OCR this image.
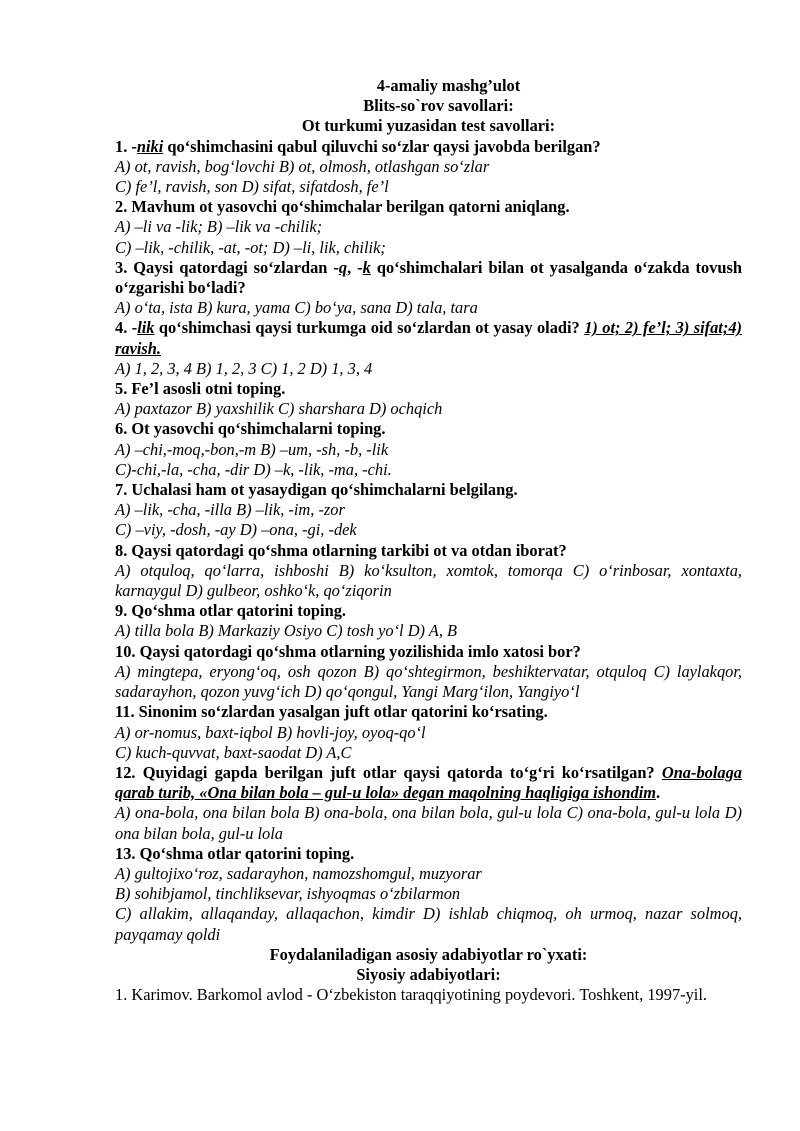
4-amaliy mashg’ulot

Blits-so`rov savollari:

Ot turkumi yuzasidan test savollari:

1. -niki qo‘shimchasini qabul qiluvchi so‘zlar qaysi javobda berilgan?

A) ot, ravish, bog‘lovchi B) ot, olmosh, otlashgan so‘zlar

C) fe’l, ravish, son D) sifat, sifatdosh, fe’l

2. Mavhum ot yasovchi qo‘shimchalar berilgan qatorni aniqlang.

A) –li va -lik; B) –lik va -chilik;

C) –lik, -chilik, -at, -ot; D) –li, lik, chilik;

3. Qaysi qatordagi so‘zlardan -q, -k qo‘shimchalari bilan ot yasalganda o‘zakda tovush o‘zgarishi bo‘ladi?

A) o‘ta, ista B) kura, yama C) bo‘ya, sana D) tala, tara

4. -lik qo‘shimchasi qaysi turkumga oid so‘zlardan ot yasay oladi? 1) ot; 2) fe’l; 3) sifat;4) ravish.

A) 1, 2, 3, 4 B) 1, 2, 3 C) 1, 2 D) 1, 3, 4

5. Fe’l asosli otni toping.

A) paxtazor B) yaxshilik C) sharshara D) ochqich

6. Ot yasovchi qo‘shimchalarni toping.

A) –chi,-moq,-bon,-m B) –um, -sh, -b, -lik

C)-chi,-la, -cha, -dir D) –k, -lik, -ma, -chi.

7. Uchalasi ham ot yasaydigan qo‘shimchalarni belgilang.

A) –lik, -cha, -illa B) –lik, -im, -zor

C) –viy, -dosh, -ay D) –ona, -gi, -dek

8. Qaysi qatordagi qo‘shma otlarning tarkibi ot va otdan iborat?

A) otquloq, qo‘larra, ishboshi B) ko‘ksulton, xomtok, tomorqa C) o‘rinbosar, xontaxta, karnaygul D) gulbeor, oshko‘k, qo‘ziqorin

9. Qo‘shma otlar qatorini toping.

A) tilla bola B) Markaziy Osiyo C) tosh yo‘l D) A, B

10. Qaysi qatordagi qo‘shma otlarning yozilishida imlo xatosi bor?

A) mingtepa, eryong‘oq, osh qozon B) qo‘shtegirmon, beshiktervatar, otquloq C) laylakqor, sadarayhon, qozon yuvg‘ich D) qo‘qongul, Yangi Marg‘ilon, Yangiyo‘l

11. Sinonim so‘zlardan yasalgan juft otlar qatorini ko‘rsating.

A) or-nomus, baxt-iqbol B) hovli-joy, oyoq-qo‘l

C) kuch-quvvat, baxt-saodat D) A,C

12. Quyidagi gapda berilgan juft otlar qaysi qatorda to‘g‘ri ko‘rsatilgan? Ona-bolaga qarab turib, «Ona bilan bola – gul-u lola» degan maqolning haqligiga ishondim.

A) ona-bola, ona bilan bola B) ona-bola, ona bilan bola, gul-u lola C) ona-bola, gul-u lola D) ona bilan bola, gul-u lola

13. Qo‘shma otlar qatorini toping.

A) gultojixo‘roz, sadarayhon, namozshomgul, muzyorar

B) sohibjamol, tinchliksevar, ishyoqmas o‘zbilarmon

C) allakim, allaqanday, allaqachon, kimdir D) ishlab chiqmoq, oh urmoq, nazar solmoq, payqamay qoldi

Foydalaniladigan asosiy adabiyotlar ro`yxati:

Siyosiy adabiyotlari:

1. Karimov. Barkomol avlod - O‘zbekiston taraqqiyotining poydevori. Toshkent, 1997-yil.
